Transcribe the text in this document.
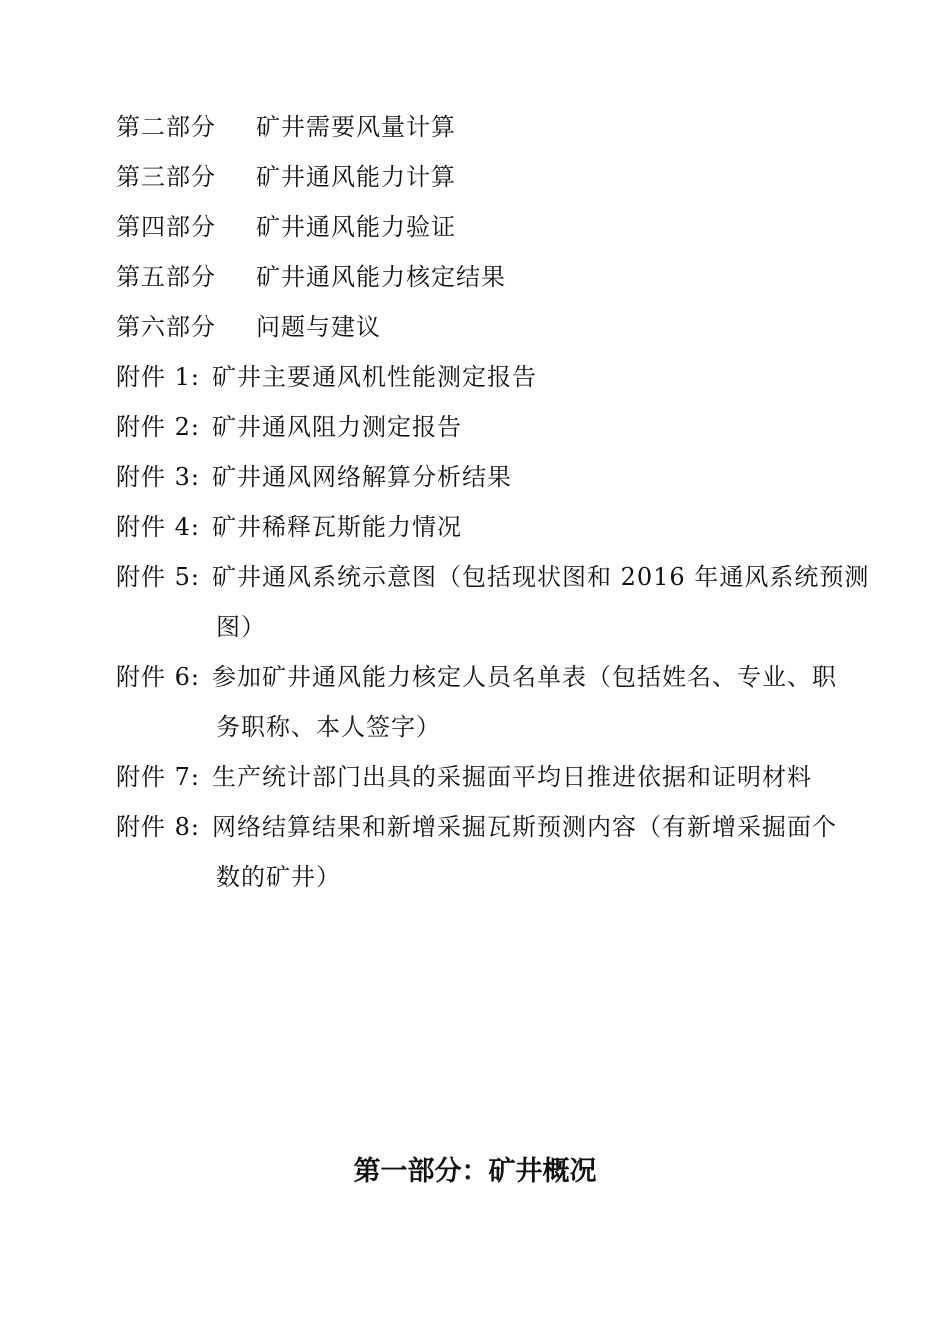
第二部分 矿井需要风量计算
第三部分 矿井通风能力计算
第四部分 矿井通风能力验证
第五部分 矿井通风能力核定结果
第六部分 问题与建议
附件 1: 矿井主要通风机性能测定报告
附件 2: 矿井通风阻力测定报告
附件 3: 矿井通风网络解算分析结果
附件 4: 矿井稀释瓦斯能力情况
附件 5: 矿井通风系统示意图（包括现状图和 2016 年通风系统预测
图）
附件 6: 参加矿井通风能力核定人员名单表（包括姓名、专业、职
务职称、本人签字）
附件 7: 生产统计部门出具的采掘面平均日推进依据和证明材料
附件 8: 网络结算结果和新增采掘瓦斯预测内容（有新增采掘面个
数的矿井）
第一部分：矿井概况
